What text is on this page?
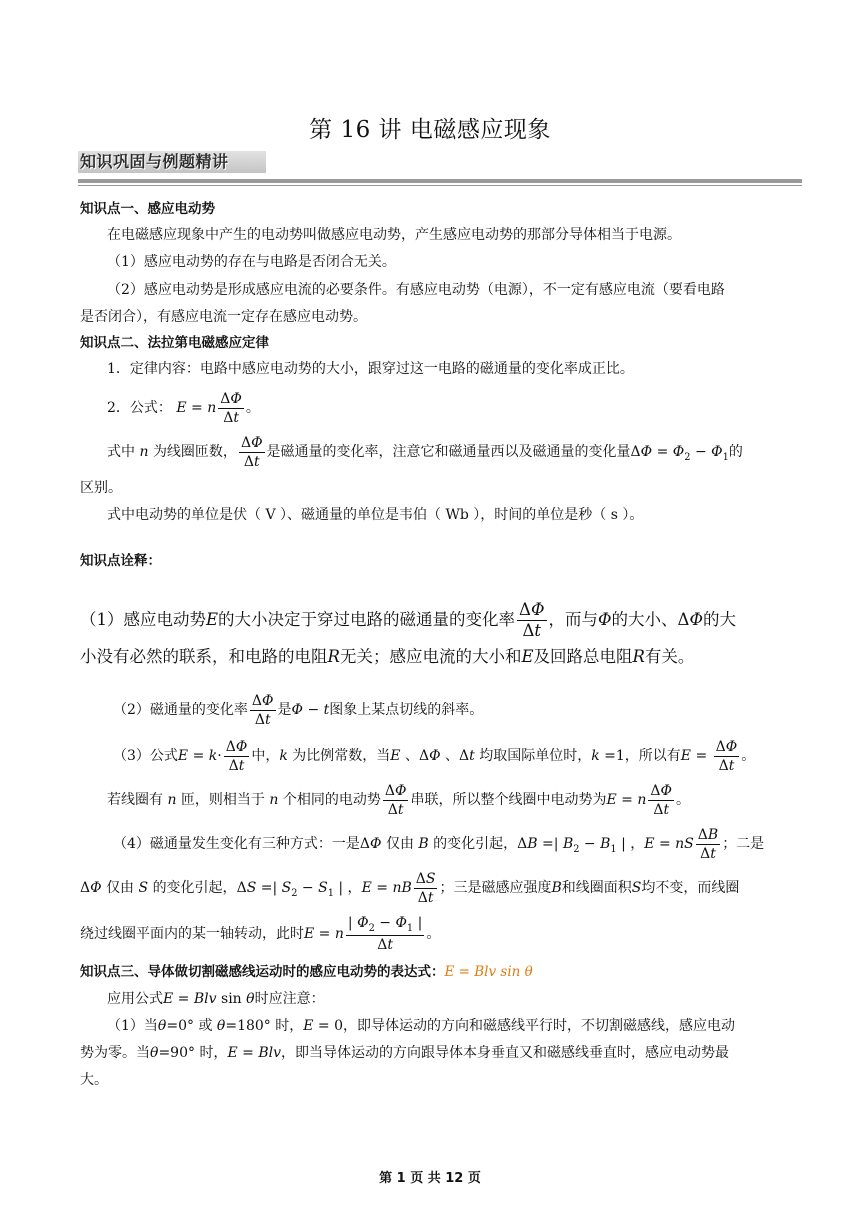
第 16 讲 电磁感应现象
知识巩固与例题精讲
知识点一、感应电动势
在电磁感应现象中产生的电动势叫做感应电动势，产生感应电动势的那部分导体相当于电源。
（1）感应电动势的存在与电路是否闭合无关。
（2）感应电动势是形成感应电流的必要条件。有感应电动势（电源），不一定有感应电流（要看电路
是否闭合），有感应电流一定存在感应电动势。
知识点二、法拉第电磁感应定律
1．定律内容：电路中感应电动势的大小，跟穿过这一电路的磁通量的变化率成正比。
2．公式： E = n $\frac{\Delta\Phi}{\Delta t}$ 。
式中 n 为线圈匝数， $\frac{\Delta\Phi}{\Delta t}$ 是磁通量的变化率，注意它和磁通量西以及磁通量的变化量$\Delta\Phi = \Phi_2 - \Phi_1$的
区别。
式中电动势的单位是伏（ V ）、磁通量的单位是韦伯（ Wb ），时间的单位是秒（ s ）。
知识点诠释：
（1）感应电动势E的大小决定于穿过电路的磁通量的变化率 $\frac{\Delta\Phi}{\Delta t}$ ，而与Φ的大小、ΔΦ的大
小没有必然的联系，和电路的电阻R无关；感应电流的大小和E及回路总电阻R有关。
（2）磁通量的变化率 $\frac{\Delta\Phi}{\Delta t}$ 是Φ − t图象上某点切线的斜率。
（3）公式$E = k\cdot \frac{\Delta\Phi}{\Delta t}$ 中，k 为比例常数，当E 、ΔΦ 、Δt 均取国际单位时，k =1，所以有$E = \frac{\Delta\Phi}{\Delta t}$ 。
若线圈有 n 匝，则相当于 n 个相同的电动势 $\frac{\Delta\Phi}{\Delta t}$ 串联，所以整个线圈中电动势为E = n $\frac{\Delta\Phi}{\Delta t}$ 。
（4）磁通量发生变化有三种方式：一是ΔΦ 仅由 B 的变化引起，ΔB =| $B_2 - B_1$ | ，E = nS $\frac{\Delta B}{\Delta t}$ ；二是
ΔΦ 仅由 S 的变化引起，ΔS =| $S_2 - S_1$ | ，E = nB $\frac{\Delta S}{\Delta t}$ ；三是磁感应强度B和线圈面积S均不变，而线圈
绕过线圈平面内的某一轴转动，此时E = n $\frac{| \Phi_2 - \Phi_1 |}{\Delta t}$ 。
知识点三、导体做切割磁感线运动时的感应电动势的表达式：E = Blv sin θ
应用公式E = Blv sin θ时应注意：
（1）当θ=0° 或 θ=180° 时，E = 0，即导体运动的方向和磁感线平行时，不切割磁感线，感应电动
势为零。当θ=90° 时，E = Blv，即当导体运动的方向跟导体本身垂直又和磁感线垂直时，感应电动势最
大。
第 1 页 共 12 页
